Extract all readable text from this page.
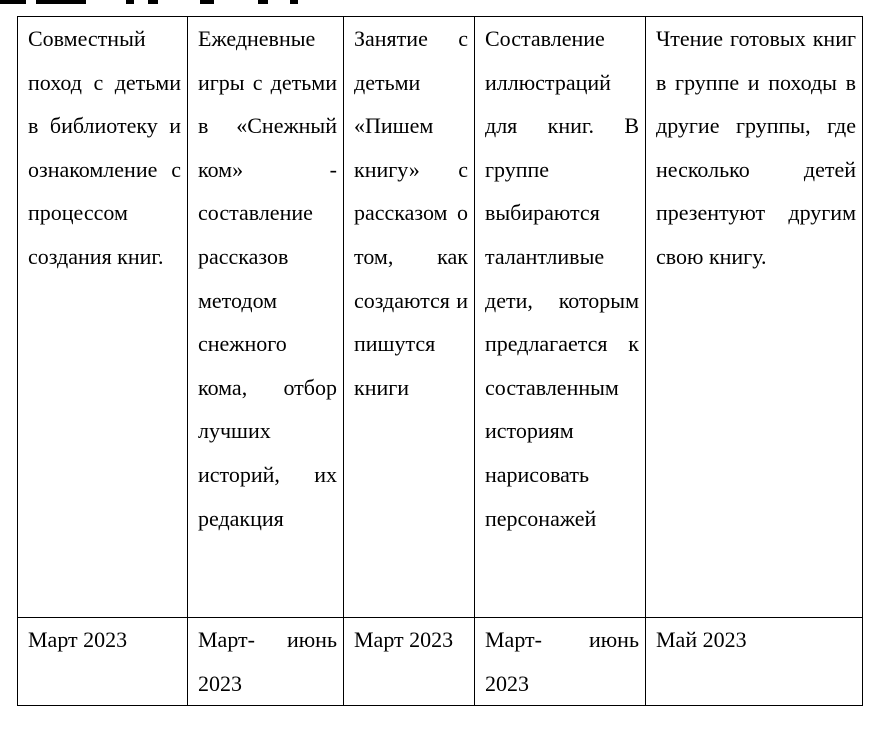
Совместный поход с детьми в библиотеку и ознакомление с процессом создания книг.	Ежедневные игры с детьми в «Снежный ком» - составление рассказов методом снежного кома, отбор лучших историй, их редакция	Занятие с детьми «Пишем книгу» с рассказом о том, как создаются и пишутся книги	Составление иллюстраций для книг. В группе выбираются талантливые дети, которым предлагается к составленным историям нарисовать персонажей	Чтение готовых книг в группе и походы в другие группы, где несколько детей презентуют другим свою книгу.
Март 2023	Март- июнь 2023	Март 2023	Март- июнь 2023	Май 2023
